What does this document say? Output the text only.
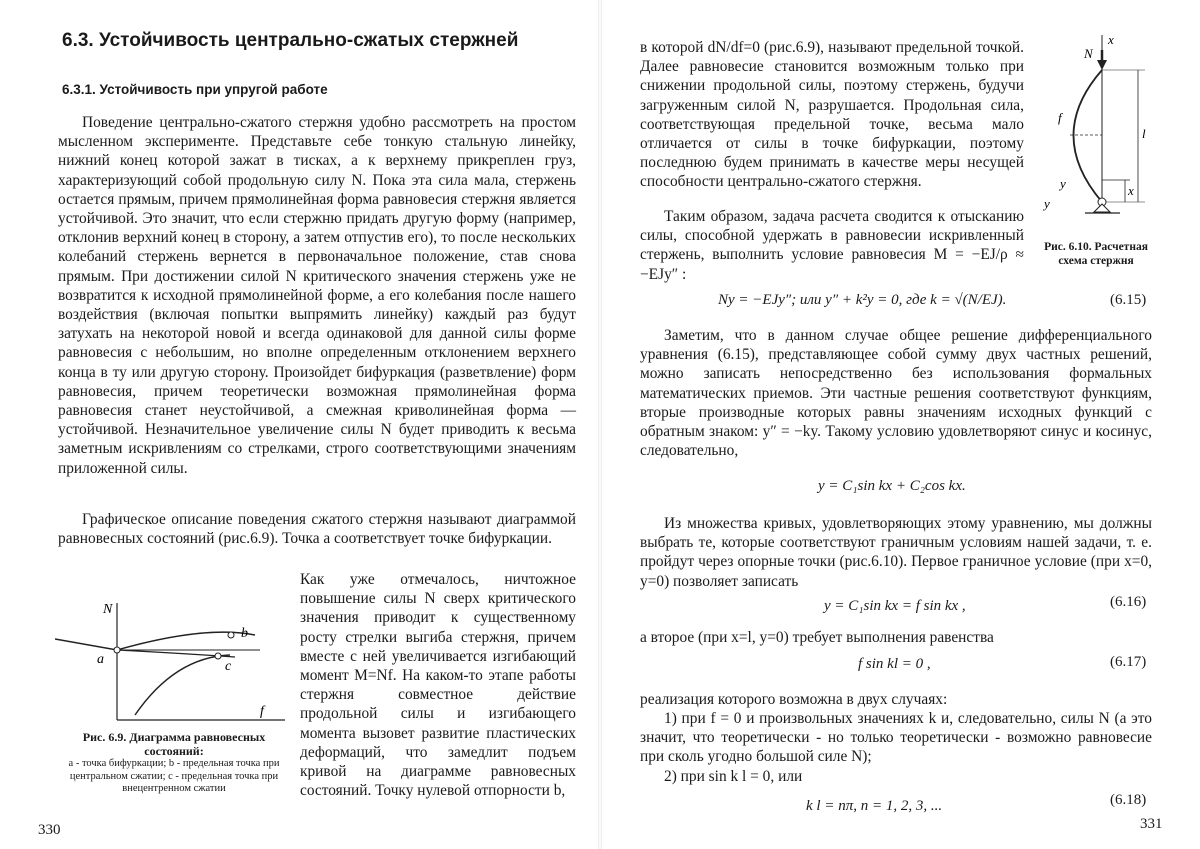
6.3. Устойчивость центрально-сжатых стержней
6.3.1. Устойчивость при упругой работе

Поведение центрально-сжатого стержня удобно рассмотреть на простом мысленном эксперименте. Представьте себе тонкую стальную линейку, нижний конец которой зажат в тисках, а к верхнему прикреплен груз, характеризующий собой продольную силу N. Пока эта сила мала, стержень остается прямым, причем прямолинейная форма равновесия стержня является устойчивой. Это значит, что если стержню придать другую форму (например, отклонив верхний конец в сторону, а затем отпустив его), то после нескольких колебаний стержень вернется в первоначальное положение, став снова прямым. При достижении силой N критического значения стержень уже не возвратится к исходной прямолинейной форме, а его колебания после нашего воздействия (включая попытки выпрямить линейку) каждый раз будут затухать на некоторой новой и всегда одинаковой для данной силы форме равновесия с небольшим, но вполне определенным отклонением верхнего конца в ту или другую сторону. Произойдет бифуркация (разветвление) форм равновесия, причем теоретически возможная прямолинейная форма равновесия станет неустойчивой, а смежная криволинейная форма — устойчивой. Незначительное увеличение силы N будет приводить к весьма заметным искривлениям со стрелками, строго соответствующими значениям приложенной силы.

Графическое описание поведения сжатого стержня называют диаграммой равновесных состояний (рис.6.9). Точка a соответствует точке бифуркации.

Как уже отмечалось, ничтожное повышение силы N сверх критического значения приводит к существенному росту стрелки выгиба стержня, причем вместе с ней увеличивается изгибающий момент M=Nf. На каком-то этапе работы стержня совместное действие продольной силы и изгибающего момента вызовет развитие пластических деформаций, что замедлит подъем кривой на диаграмме равновесных состояний. Точку нулевой отпорности b,
N
f
a
b
c
Рис. 6.9. Диаграмма равновесных состояний:
a - точка бифуркации; b - предельная точка при центральном сжатии; c - предельная точка при внецентренном сжатии
330

в которой dN/df=0 (рис.6.9), называют предельной точкой. Далее равновесие становится возможным только при снижении продольной силы, поэтому стержень, будучи загруженным силой N, разрушается. Продольная сила, соответствующая предельной точке, весьма мало отличается от силы в точке бифуркации, поэтому последнюю будем принимать в качестве меры несущей способности центрально-сжатого стержня.

Таким образом, задача расчета сводится к отысканию силы, способной удержать в равновесии искривленный стержень, выполнить условие равновесия M = −EJ/ρ ≈ −EJy″ :

N
x
f
y
y
x
l
Рис. 6.10. Расчетная схема стержня
Ny = −EJy″; или y″ + k²y = 0, где k = √(N/EJ).	(6.15)

Заметим, что в данном случае общее решение дифференциального уравнения (6.15), представляющее собой сумму двух частных решений, можно записать непосредственно без использования формальных математических приемов. Эти частные решения соответствуют функциям, вторые производные которых равны значениям исходных функций с обратным знаком: y″ = −ky. Такому условию удовлетворяют синус и косинус, следовательно,

y = C₁sin kx + C₂cos kx.

Из множества кривых, удовлетворяющих этому уравнению, мы должны выбрать те, которые соответствуют граничным условиям нашей задачи, т. е. пройдут через опорные точки (рис.6.10). Первое граничное условие (при x=0, y=0) позволяет записать

y = C₁sin kx = f sin kx ,	(6.16)

а второе (при x=l, y=0) требует выполнения равенства

f sin kl = 0 ,	(6.17)

реализация которого возможна в двух случаях:

1) при f = 0 и произвольных значениях k и, следовательно, силы N (а это значит, что теоретически - но только теоретически - возможно равновесие при сколь угодно большой силе N);

2) при sin k l = 0, или

k l = nπ, n = 1, 2, 3, ...	(6.18)
331
